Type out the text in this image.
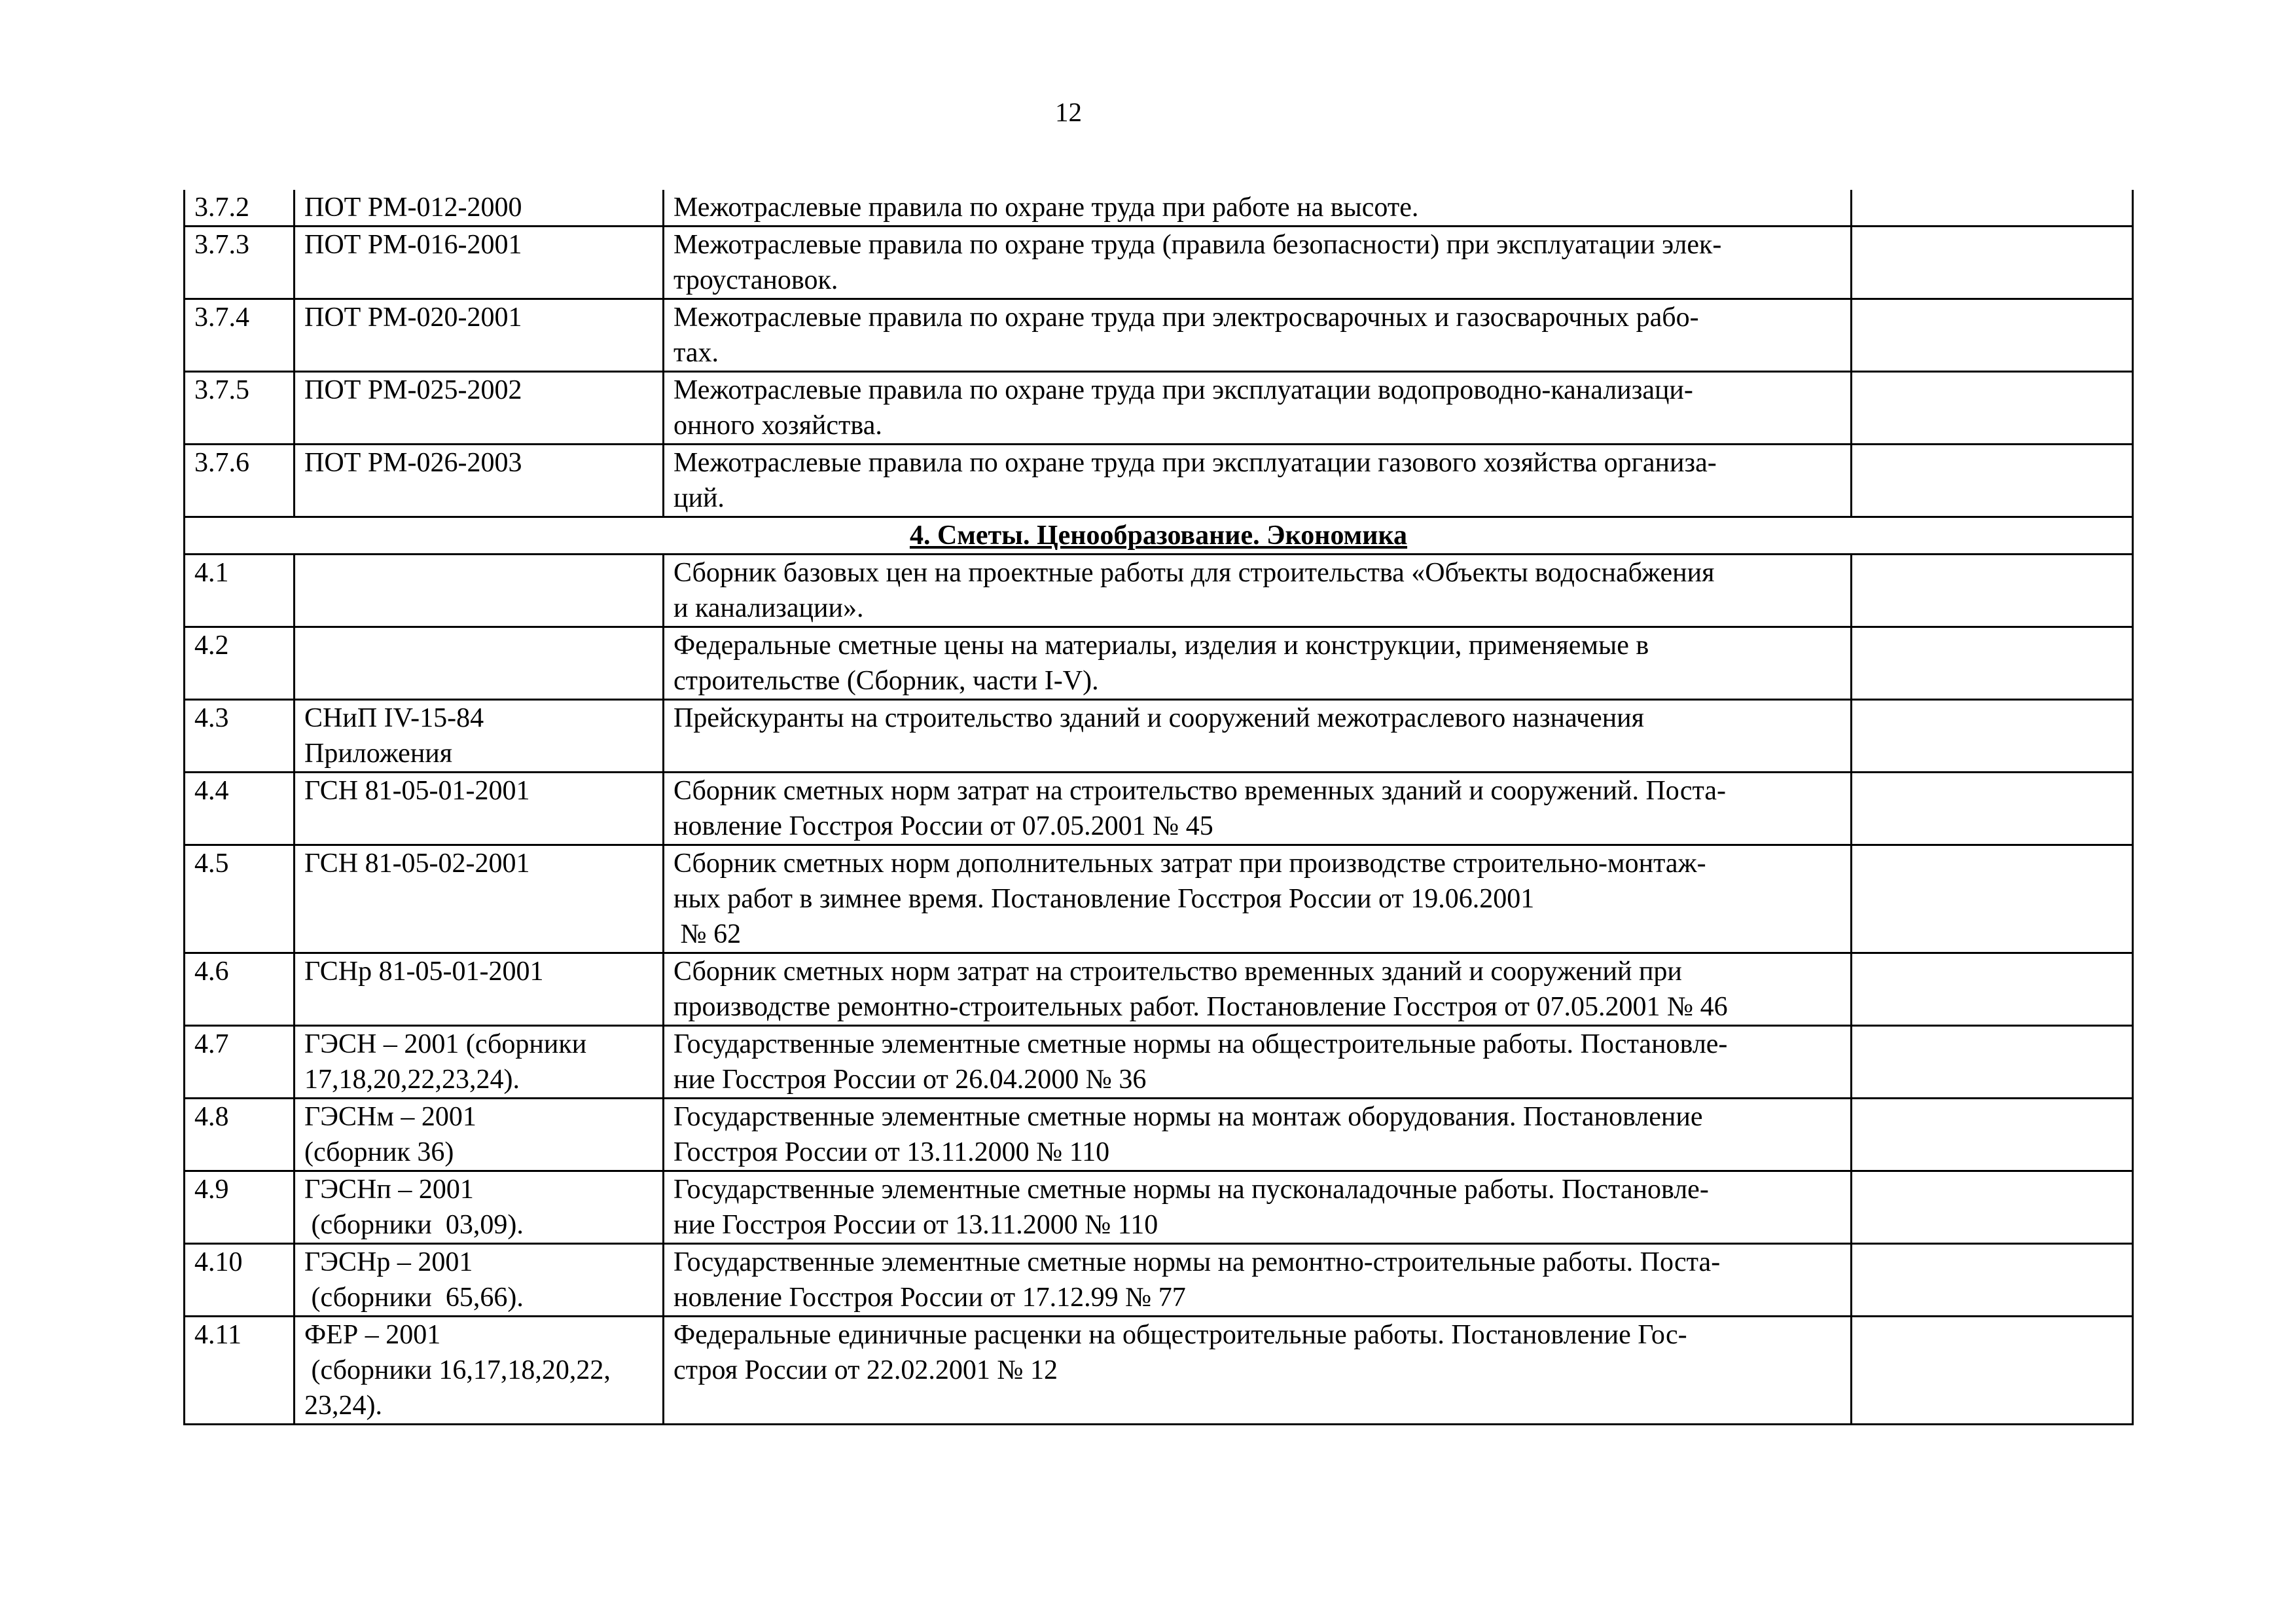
12
3.7.2	ПОТ РМ-012-2000	Межотраслевые правила по охране труда при работе на высоте.	

3.7.3	ПОТ РМ-016-2001	Межотраслевые правила по охране труда (правила безопасности) при эксплуатации элек-
троустановок.	

3.7.4	ПОТ РМ-020-2001	Межотраслевые правила по охране труда при электросварочных и газосварочных рабо-
тах.	

3.7.5	ПОТ РМ-025-2002	Межотраслевые правила по охране труда при эксплуатации водопроводно-канализаци-
онного хозяйства.	

3.7.6	ПОТ РМ-026-2003	Межотраслевые правила по охране труда при эксплуатации газового хозяйства организа-
ций.	

4. Сметы. Ценообразование. Экономика			
4.1		Сборник базовых цен на проектные работы для строительства «Объекты водоснабжения
и канализации».	

4.2		Федеральные сметные цены на материалы, изделия и конструкции, применяемые в
строительстве (Сборник, части I-V).	

4.3	СНиП IV-15-84
Приложения	Прейскуранты на строительство зданий и сооружений межотраслевого назначения	

4.4	ГСН 81-05-01-2001	Сборник сметных норм затрат на строительство временных зданий и сооружений. Поста-
новление Госстроя России от 07.05.2001 № 45	

4.5	ГСН 81-05-02-2001	Сборник сметных норм дополнительных затрат при производстве строительно-монтаж-
ных работ в зимнее время. Постановление Госстроя России от 19.06.2001
№ 62	

4.6	ГСНр 81-05-01-2001	Сборник сметных норм затрат на строительство временных зданий и сооружений при
производстве ремонтно-строительных работ. Постановление Госстроя от 07.05.2001 № 46	

4.7	ГЭСН – 2001 (сборники
17,18,20,22,23,24).	Государственные элементные сметные нормы на общестроительные работы. Постановле-
ние Госстроя России от 26.04.2000 № 36	

4.8	ГЭСНм – 2001
(сборник 36)	Государственные элементные сметные нормы на монтаж оборудования. Постановление
Госстроя России от 13.11.2000 № 110	

4.9	ГЭСНп – 2001
(сборники  03,09).	Государственные элементные сметные нормы на пусконаладочные работы. Постановле-
ние Госстроя России от 13.11.2000 № 110	

4.10	ГЭСНр – 2001
(сборники  65,66).	Государственные элементные сметные нормы на ремонтно-строительные работы. Поста-
новление Госстроя России от 17.12.99 № 77	

4.11	ФЕР – 2001
(сборники 16,17,18,20,22,
23,24).	Федеральные единичные расценки на общестроительные работы. Постановление Гос-
строя России от 22.02.2001 № 12	
